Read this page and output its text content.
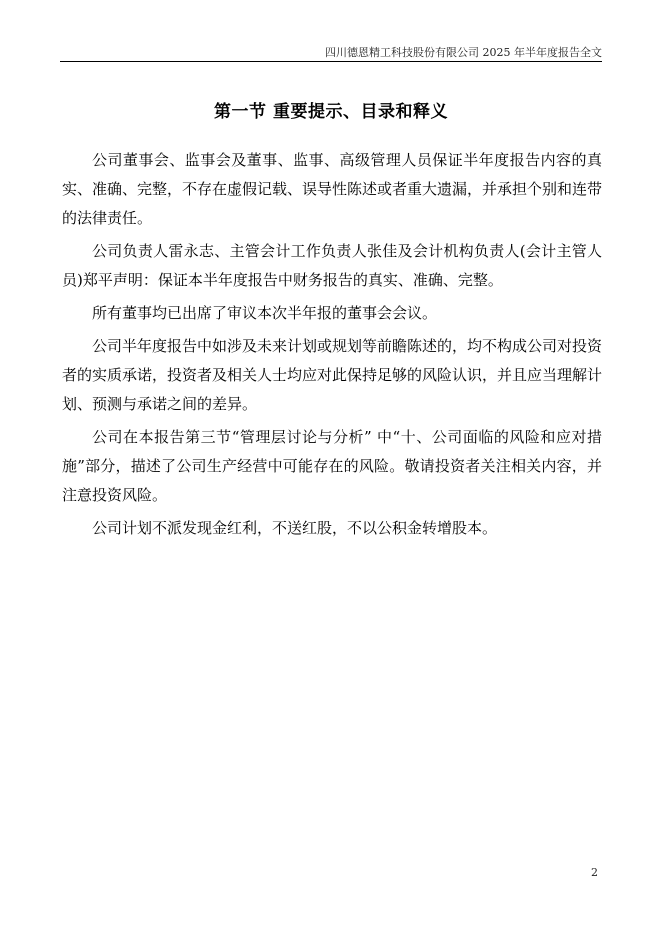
四川德恩精工科技股份有限公司 2025 年半年度报告全文
第一节 重要提示、目录和释义

公司董事会、监事会及董事、监事、高级管理人员保证半年度报告内容的真实、准确、完整，不存在虚假记载、误导性陈述或者重大遗漏，并承担个别和连带的法律责任。

公司负责人雷永志、主管会计工作负责人张佳及会计机构负责人(会计主管人员)郑平声明：保证本半年度报告中财务报告的真实、准确、完整。

所有董事均已出席了审议本次半年报的董事会会议。

公司半年度报告中如涉及未来计划或规划等前瞻陈述的，均不构成公司对投资者的实质承诺，投资者及相关人士均应对此保持足够的风险认识，并且应当理解计划、预测与承诺之间的差异。

公司在本报告第三节“管理层讨论与分析” 中“十、公司面临的风险和应对措施”部分，描述了公司生产经营中可能存在的风险。敬请投资者关注相关内容，并注意投资风险。

公司计划不派发现金红利，不送红股，不以公积金转增股本。

2
